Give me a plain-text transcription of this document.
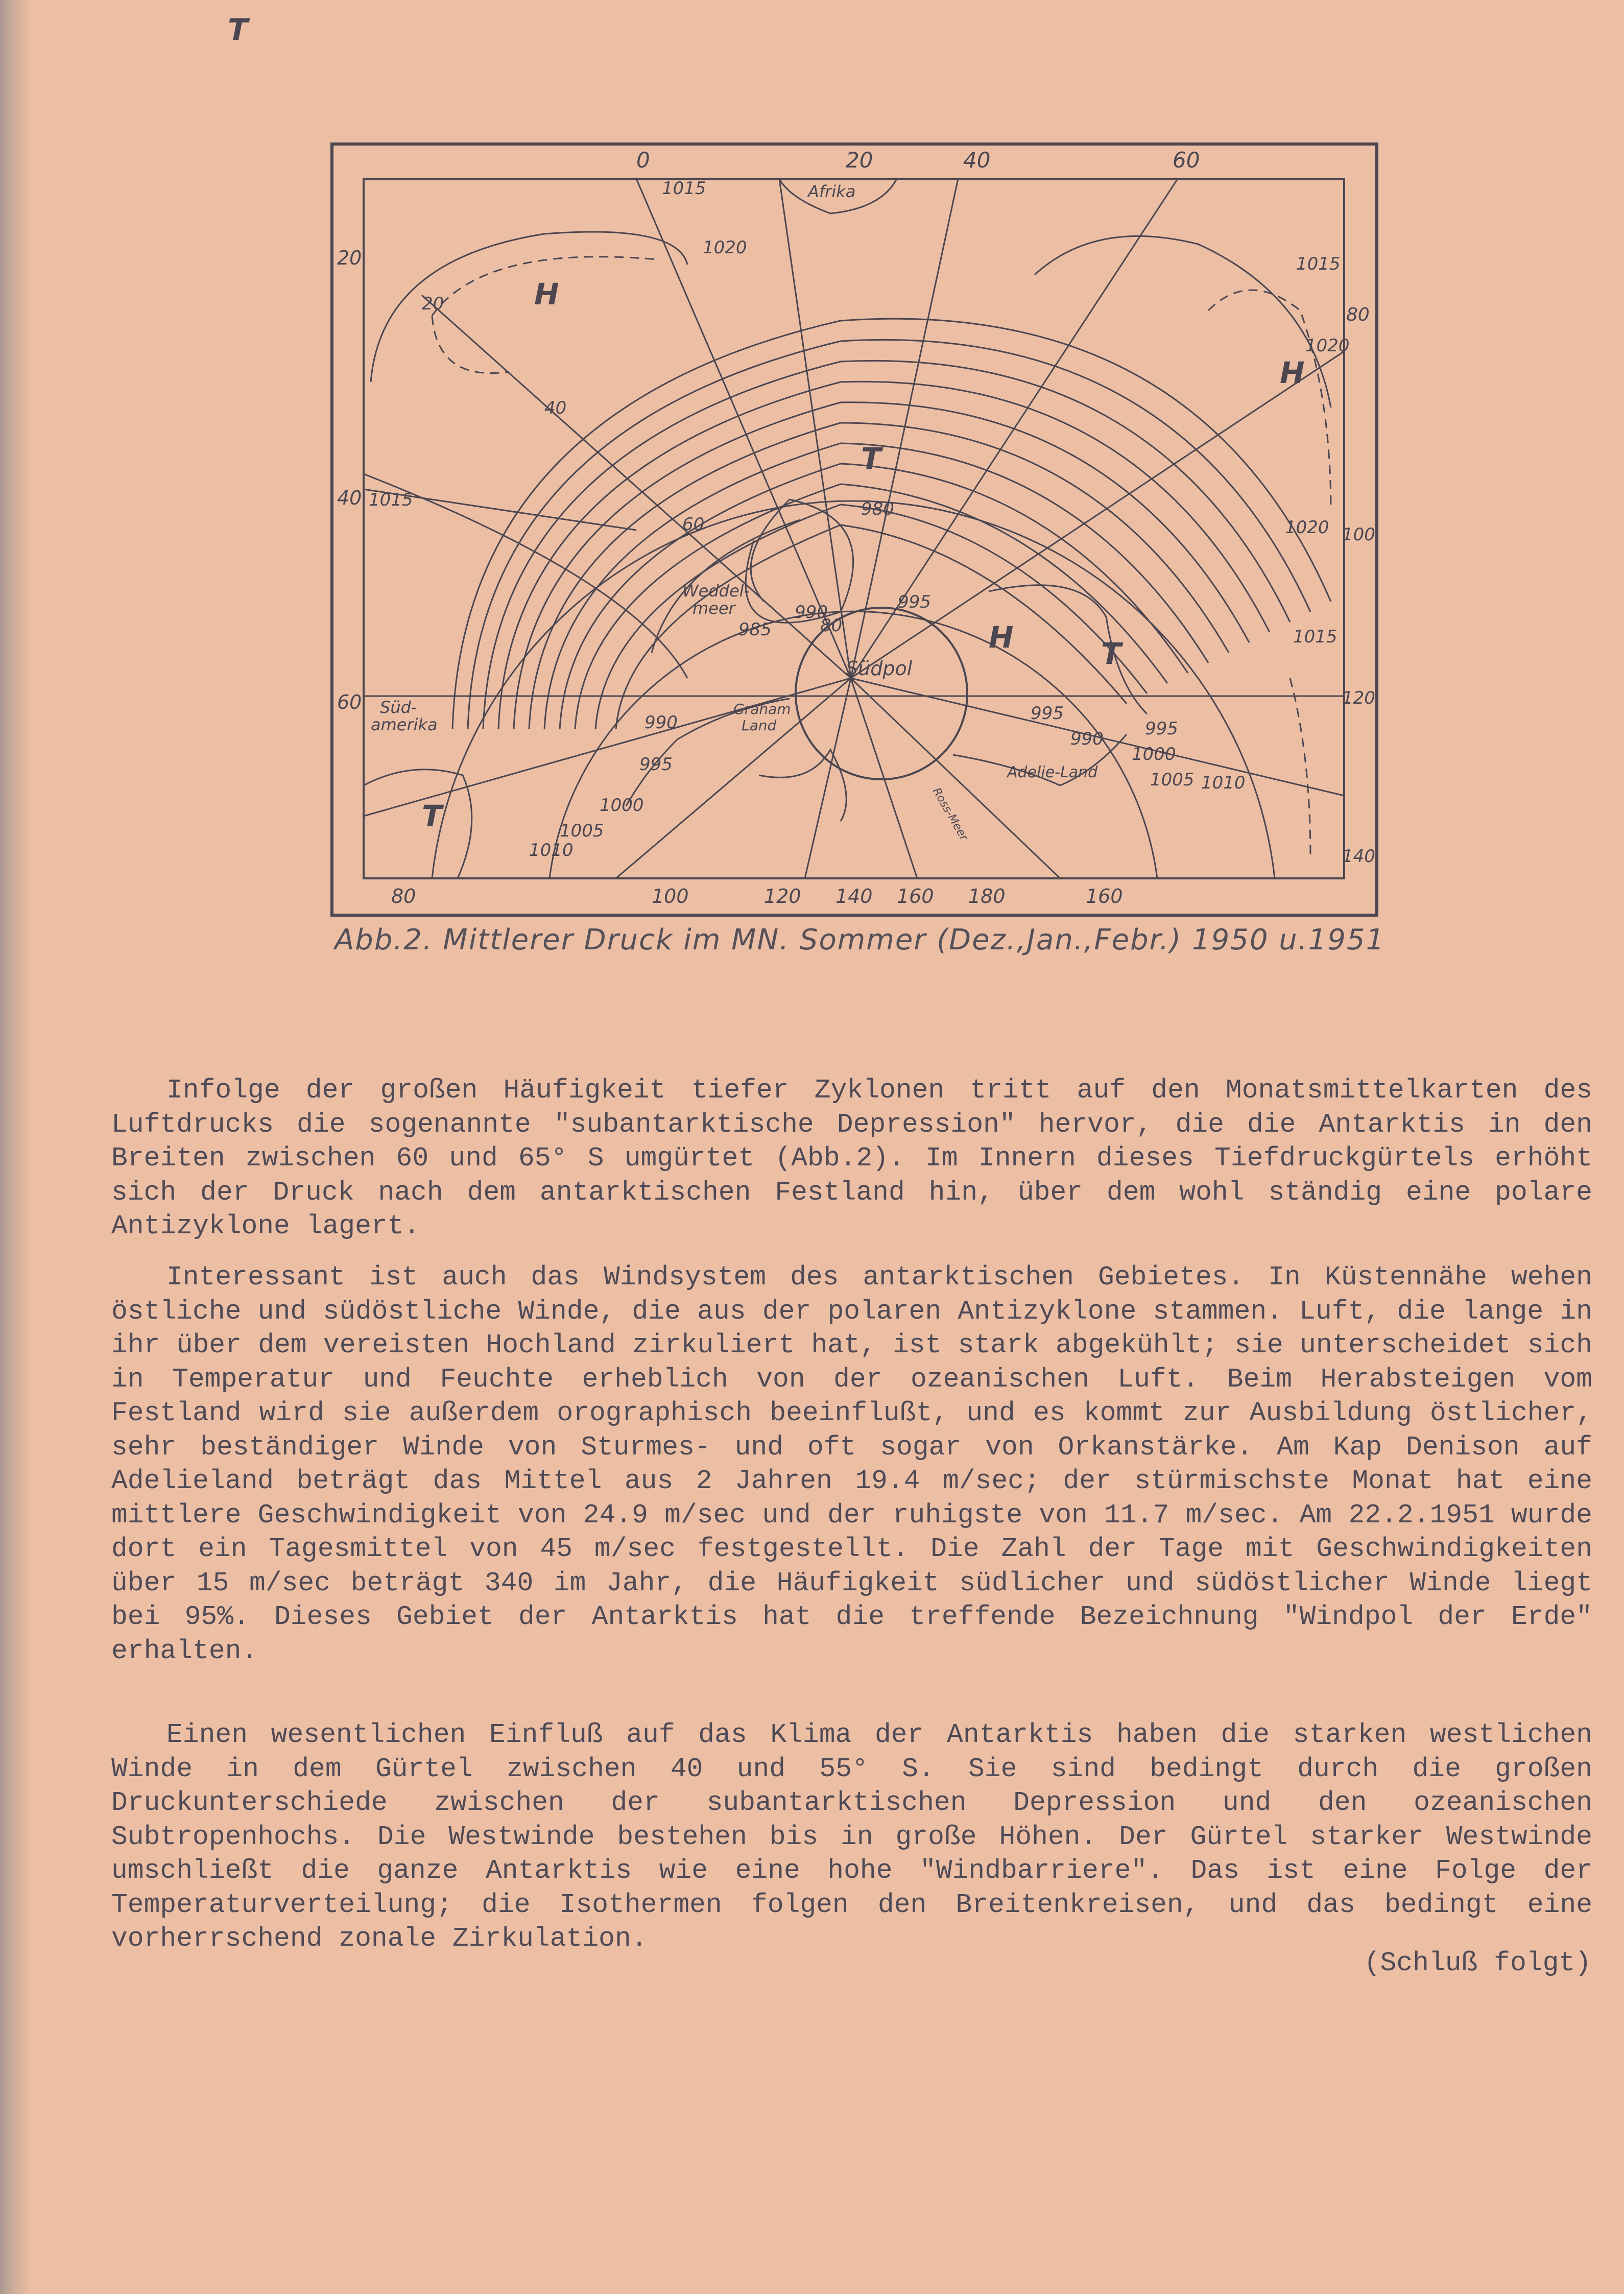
0	20	40	60
80	100	120 140 160 180	160
20
40
60
80
100
120
140
1015
1020
20
40
60
1015	980
990
985	80
995
990
995
1000
1005
1010
995
990 995
1000
1005 1010
1015
1020
1015
1020
H
H
T
T
H	T
T
Afrika
Weddel-
meer
Südpol
Graham
Land
Süd-
amerika
Adelie-Land
Ross-Meer
Abb.2. Mittlerer Druck im MN. Sommer (Dez.,Jan.,Febr.) 1950 u.1951

Infolge der großen Häufigkeit tiefer Zyklonen tritt auf den Monatsmittelkarten des Luftdrucks die sogenannte "subantarktische Depression" hervor, die die Antarktis in den Breiten zwischen 60 und 65° S umgürtet (Abb.2). Im Innern dieses Tiefdruckgürtels erhöht sich der Druck nach dem antarktischen Festland hin, über dem wohl ständig eine polare Antizyklone lagert.

Interessant ist auch das Windsystem des antarktischen Gebietes. In Küstennähe wehen östliche und südöstliche Winde, die aus der polaren Antizyklone stammen. Luft, die lange in ihr über dem vereisten Hochland zirkuliert hat, ist stark abgekühlt; sie unterscheidet sich in Temperatur und Feuchte erheblich von der ozeanischen Luft. Beim Herabsteigen vom Festland wird sie außerdem orographisch beeinflußt, und es kommt zur Ausbildung östlicher, sehr beständiger Winde von Sturmes- und oft sogar von Orkanstärke. Am Kap Denison auf Adelieland beträgt das Mittel aus 2 Jahren 19.4 m/sec; der stürmischste Monat hat eine mittlere Geschwindigkeit von 24.9 m/sec und der ruhigste von 11.7 m/sec. Am 22.2.1951 wurde dort ein Tagesmittel von 45 m/sec festgestellt. Die Zahl der Tage mit Geschwindigkeiten über 15 m/sec beträgt 340 im Jahr, die Häufigkeit südlicher und südöstlicher Winde liegt bei 95%. Dieses Gebiet der Antarktis hat die treffende Bezeichnung "Windpol der Erde" erhalten.

Einen wesentlichen Einfluß auf das Klima der Antarktis haben die starken westlichen Winde in dem Gürtel zwischen 40 und 55° S. Sie sind bedingt durch die großen Druckunterschiede zwischen der subantarktischen Depression und den ozeanischen Subtropenhochs. Die Westwinde bestehen bis in große Höhen. Der Gürtel starker Westwinde umschließt die ganze Antarktis wie eine hohe "Windbarriere". Das ist eine Folge der Temperaturverteilung; die Isothermen folgen den Breitenkreisen, und das bedingt eine vorherrschend zonale Zirkulation.

(Schluß folgt)
